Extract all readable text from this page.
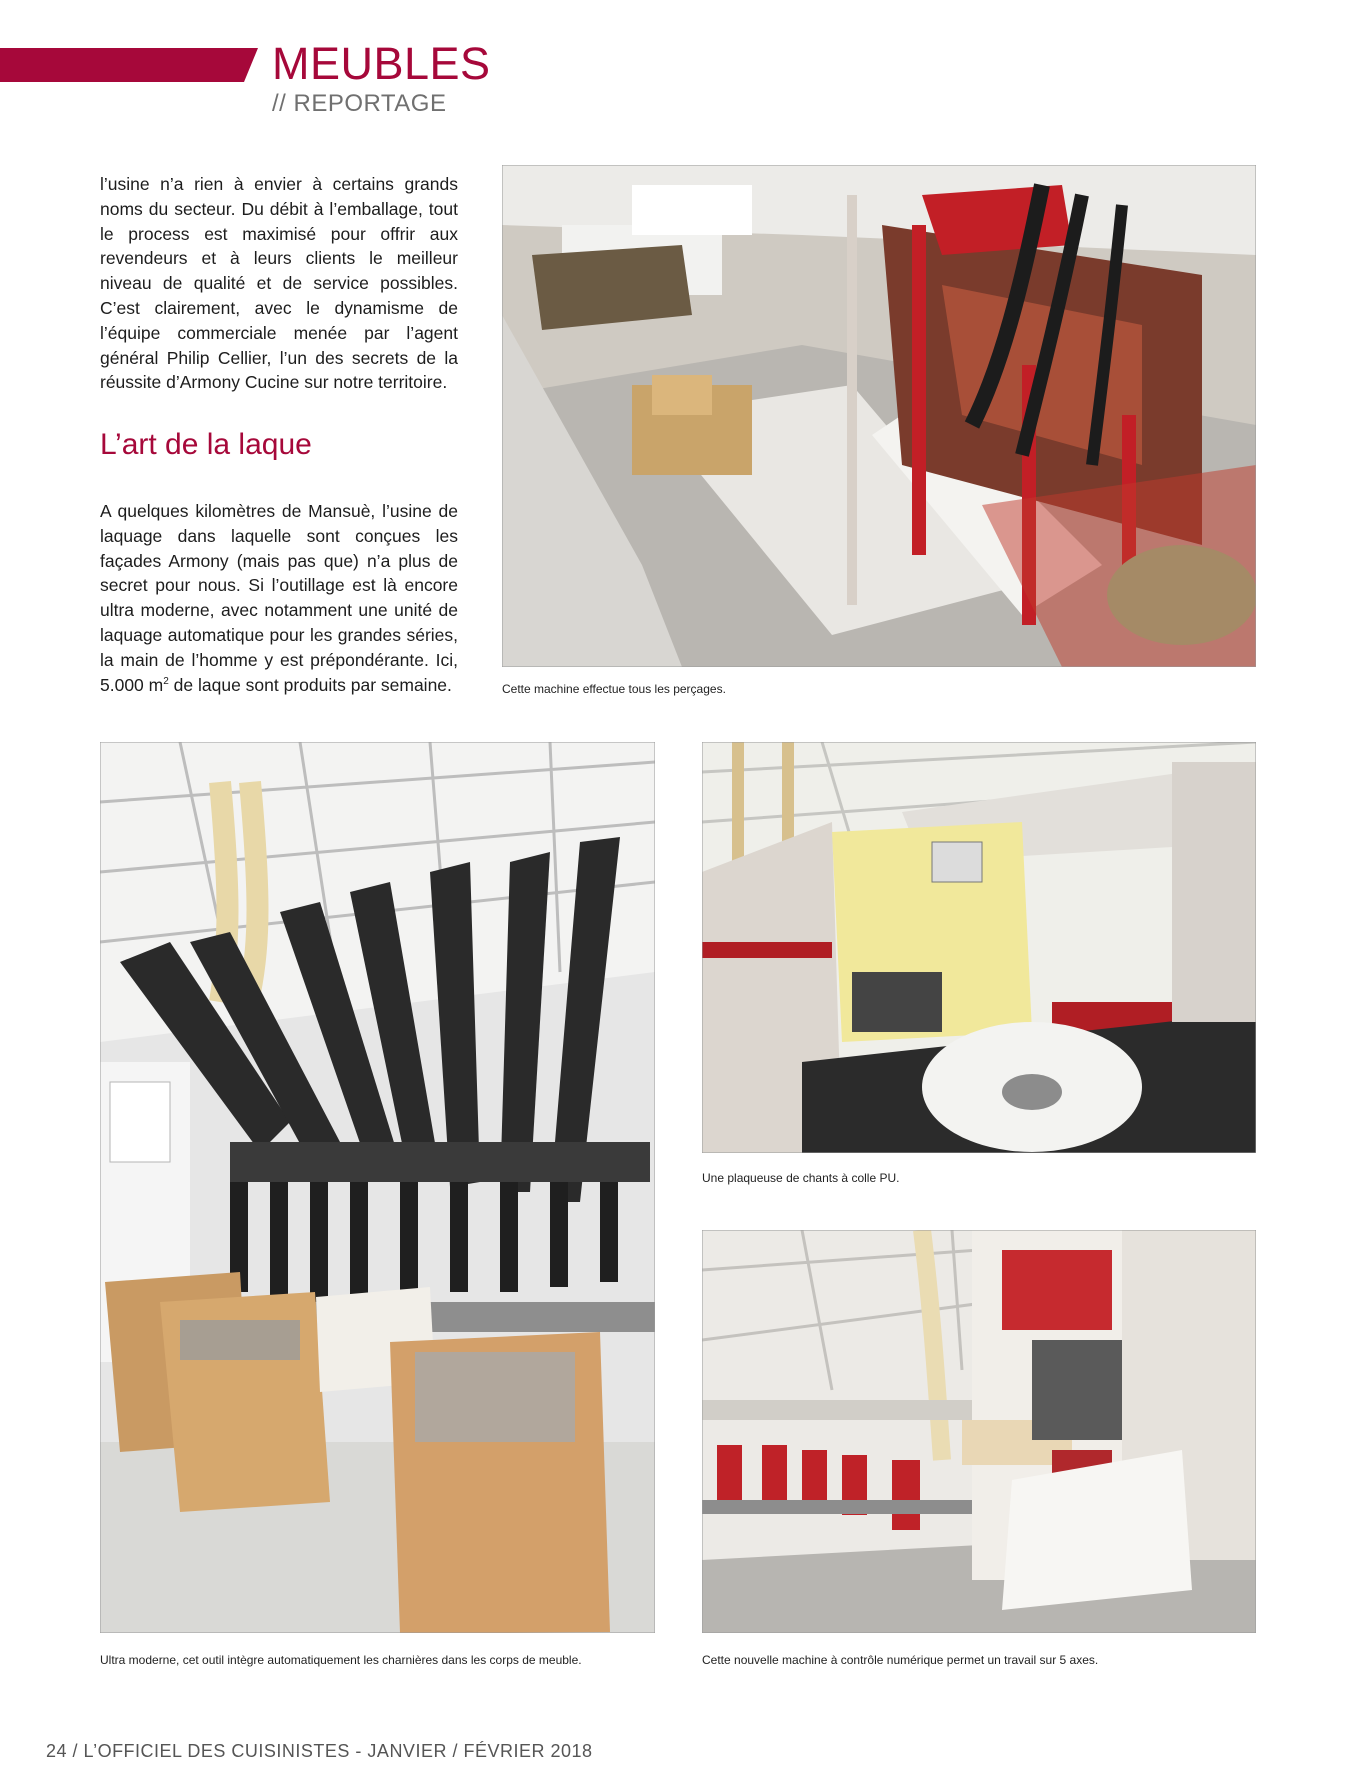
MEUBLES
// REPORTAGE

l’usine n’a rien à envier à certains grands noms du secteur. Du débit à l’emballage, tout le process est maximisé pour offrir aux revendeurs et à leurs clients le meilleur niveau de qualité et de service possibles. C’est clairement, avec le dynamisme de l’équipe commerciale menée par l’agent général Philip Cellier, l’un des secrets de la réussite d’Armony Cucine sur notre territoire.

L’art de la laque

A quelques kilomètres de Mansuè, l’usine de laquage dans laquelle sont conçues les façades Armony (mais pas que) n’a plus de secret pour nous. Si l’outillage est là encore ultra moderne, avec notamment une unité de laquage automatique pour les grandes séries, la main de l’homme y est prépondérante. Ici, 5.000 $m^2$ de laque sont produits par semaine.	Cette machine effectue tous les perçages.

Ultra moderne, cet outil intègre automatiquement les charnières dans les corps de meuble.

Une plaqueuse de chants à colle PU.

Cette nouvelle machine à contrôle numérique permet un travail sur 5 axes.

24 / L’OFFICIEL DES CUISINISTES - JANVIER / FÉVRIER 2018
